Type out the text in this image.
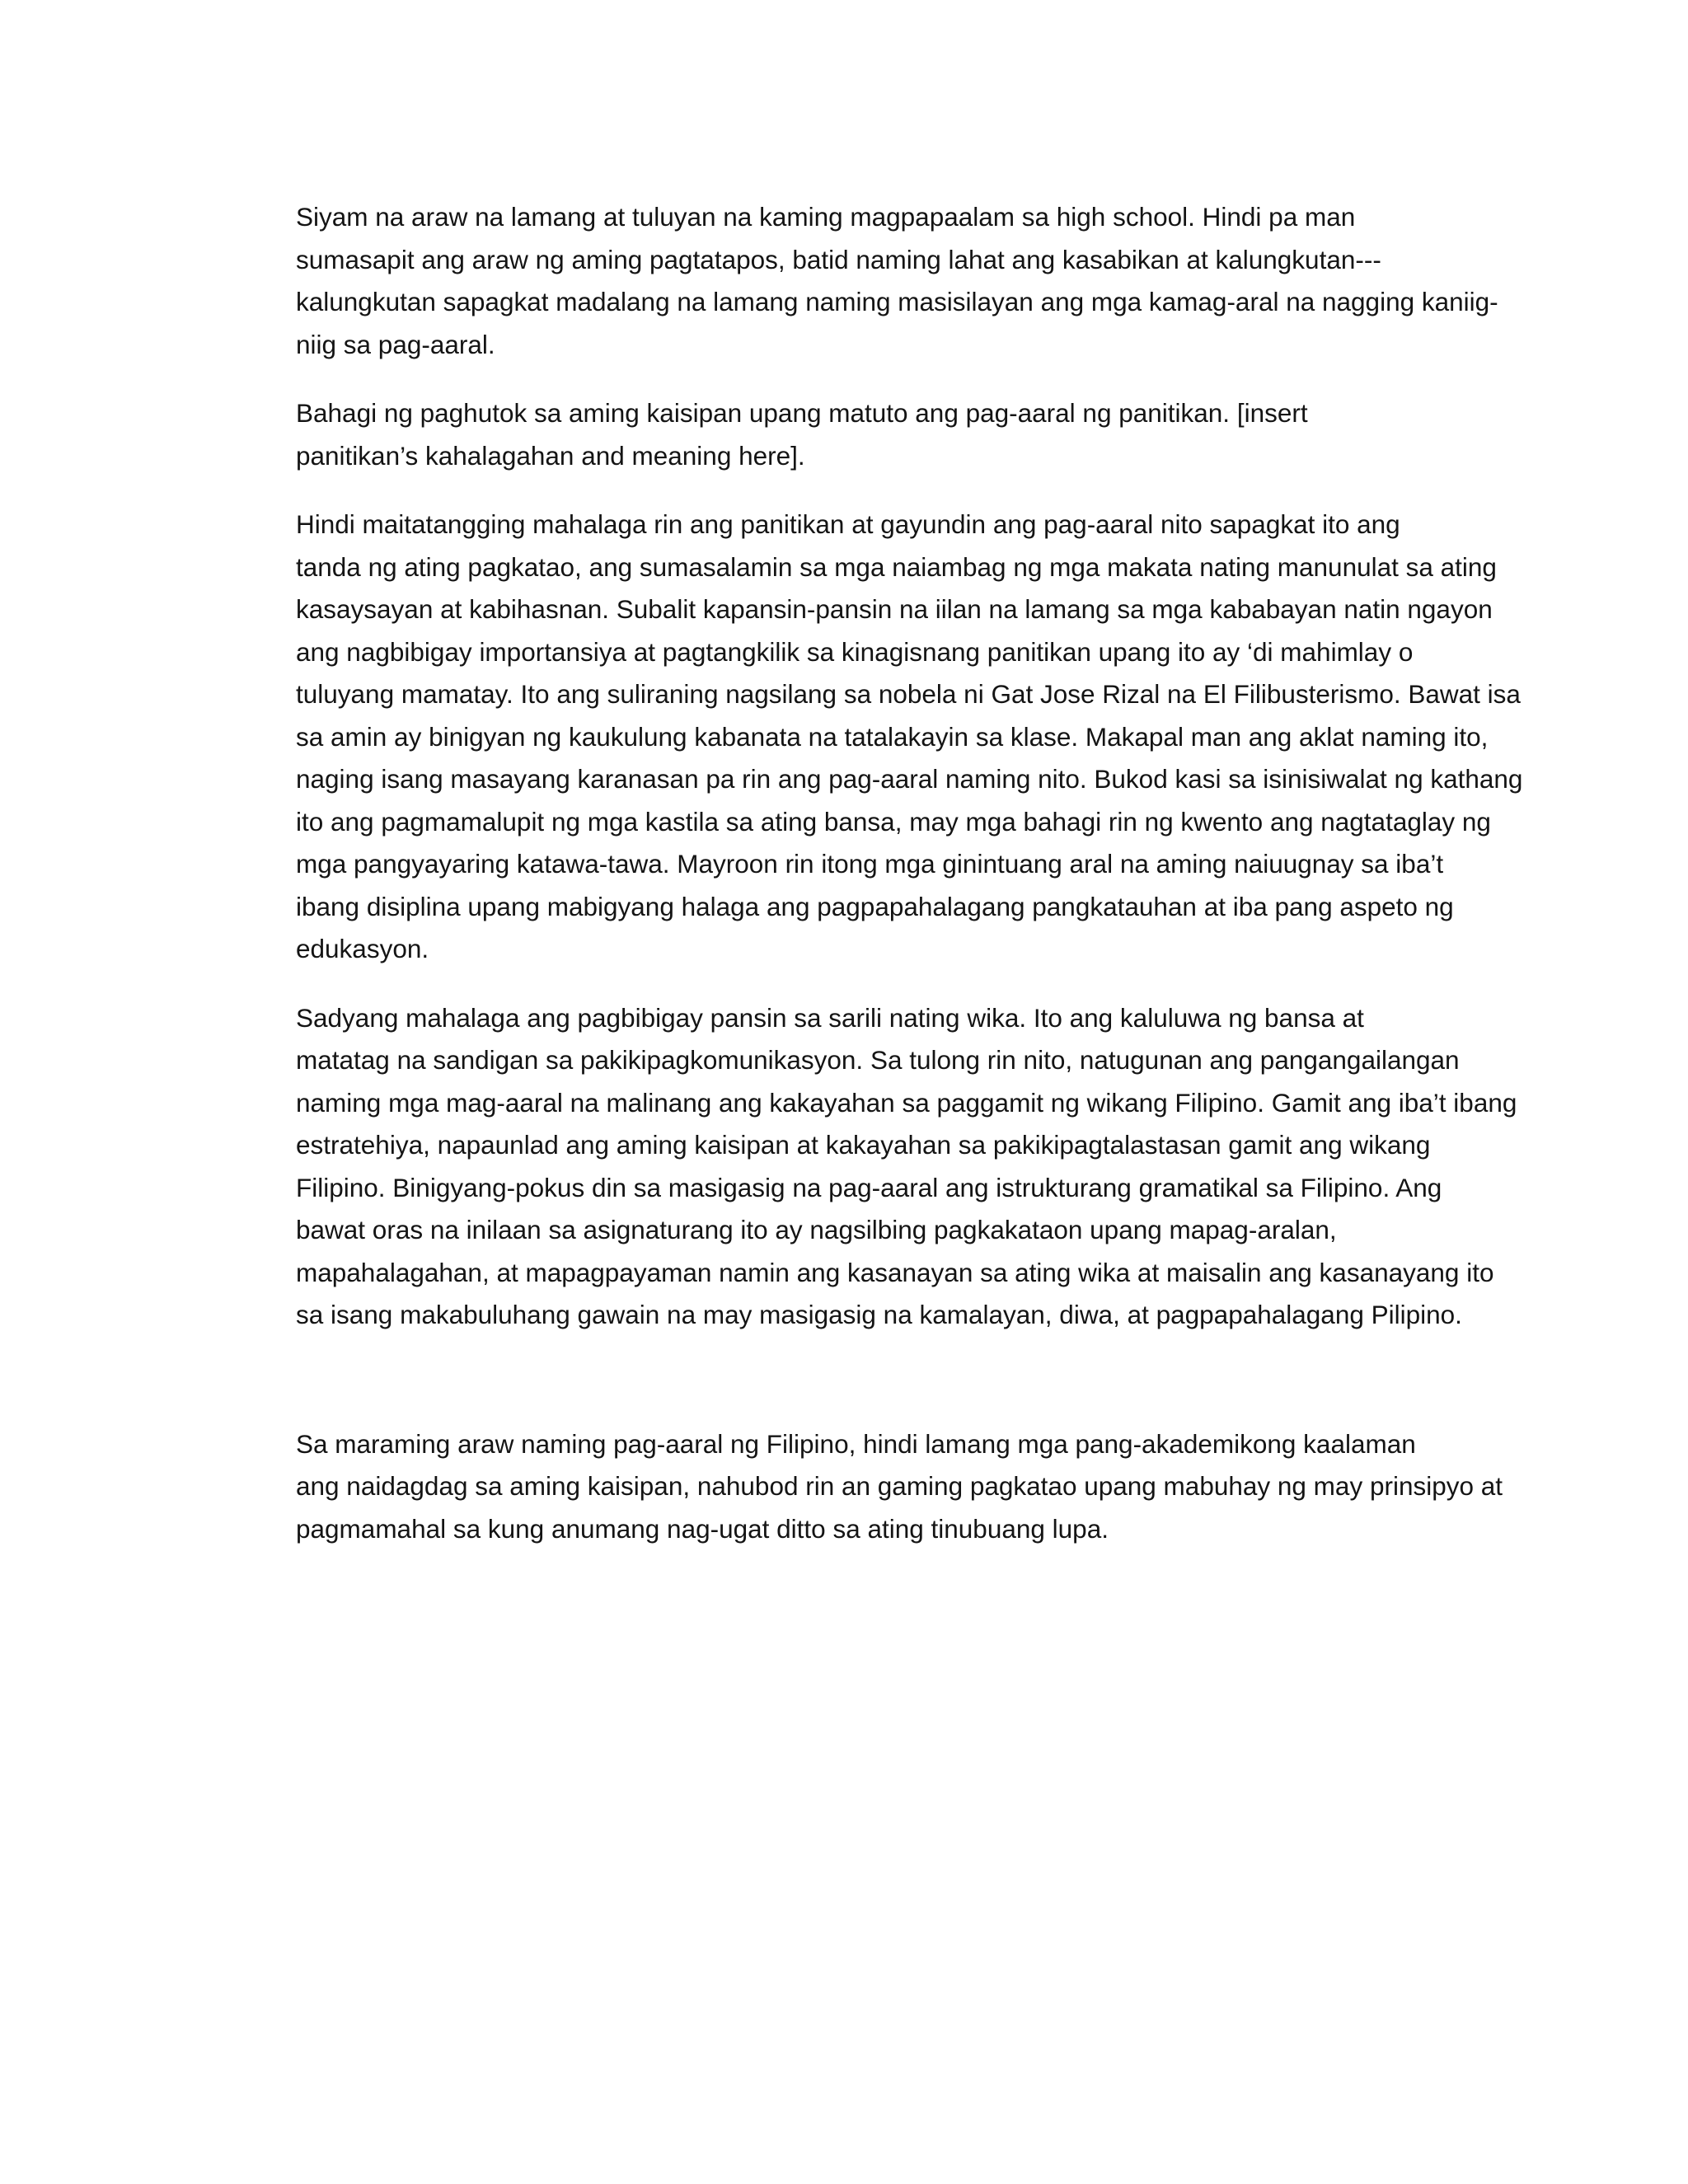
Siyam na araw na lamang at tuluyan na kaming magpapaalam sa high school. Hindi pa man
sumasapit ang araw ng aming pagtatapos, batid naming lahat ang kasabikan at kalungkutan---
kalungkutan sapagkat madalang na lamang naming masisilayan ang mga kamag-aral na nagging kaniig-
niig sa pag-aaral.

Bahagi ng paghutok sa aming kaisipan upang matuto ang pag-aaral ng panitikan. [insert
panitikan’s kahalagahan and meaning here].

Hindi maitatangging mahalaga rin ang panitikan at gayundin ang pag-aaral nito sapagkat ito ang
tanda ng ating pagkatao, ang sumasalamin sa mga naiambag ng mga makata nating manunulat sa ating
kasaysayan at kabihasnan. Subalit kapansin-pansin na iilan na lamang sa mga kababayan natin ngayon
ang nagbibigay importansiya at pagtangkilik sa kinagisnang panitikan upang ito ay ‘di mahimlay o
tuluyang mamatay. Ito ang suliraning nagsilang sa nobela ni Gat Jose Rizal na El Filibusterismo. Bawat isa
sa amin ay binigyan ng kaukulung kabanata na tatalakayin sa klase. Makapal man ang aklat naming ito,
naging isang masayang karanasan pa rin ang pag-aaral naming nito. Bukod kasi sa isinisiwalat ng kathang
ito ang pagmamalupit ng mga kastila sa ating bansa, may mga bahagi rin ng kwento ang nagtataglay ng
mga pangyayaring katawa-tawa. Mayroon rin itong mga ginintuang aral na aming naiuugnay sa iba’t
ibang disiplina upang mabigyang halaga ang pagpapahalagang pangkatauhan at iba pang aspeto ng
edukasyon.

Sadyang mahalaga ang pagbibigay pansin sa sarili nating wika. Ito ang kaluluwa ng bansa at
matatag na sandigan sa pakikipagkomunikasyon. Sa tulong rin nito, natugunan ang pangangailangan
naming mga mag-aaral na malinang ang kakayahan sa paggamit ng wikang Filipino. Gamit ang iba’t ibang
estratehiya, napaunlad ang aming kaisipan at kakayahan sa pakikipagtalastasan gamit ang wikang
Filipino. Binigyang-pokus din sa masigasig na pag-aaral ang istrukturang gramatikal sa Filipino. Ang
bawat oras na inilaan sa asignaturang ito ay nagsilbing pagkakataon upang mapag-aralan,
mapahalagahan, at mapagpayaman namin ang kasanayan sa ating wika at maisalin ang kasanayang ito
sa isang makabuluhang gawain na may masigasig na kamalayan, diwa, at pagpapahalagang Pilipino.

Sa maraming araw naming pag-aaral ng Filipino, hindi lamang mga pang-akademikong kaalaman
ang naidagdag sa aming kaisipan, nahubod rin an gaming pagkatao upang mabuhay ng may prinsipyo at
pagmamahal sa kung anumang nag-ugat ditto sa ating tinubuang lupa.
